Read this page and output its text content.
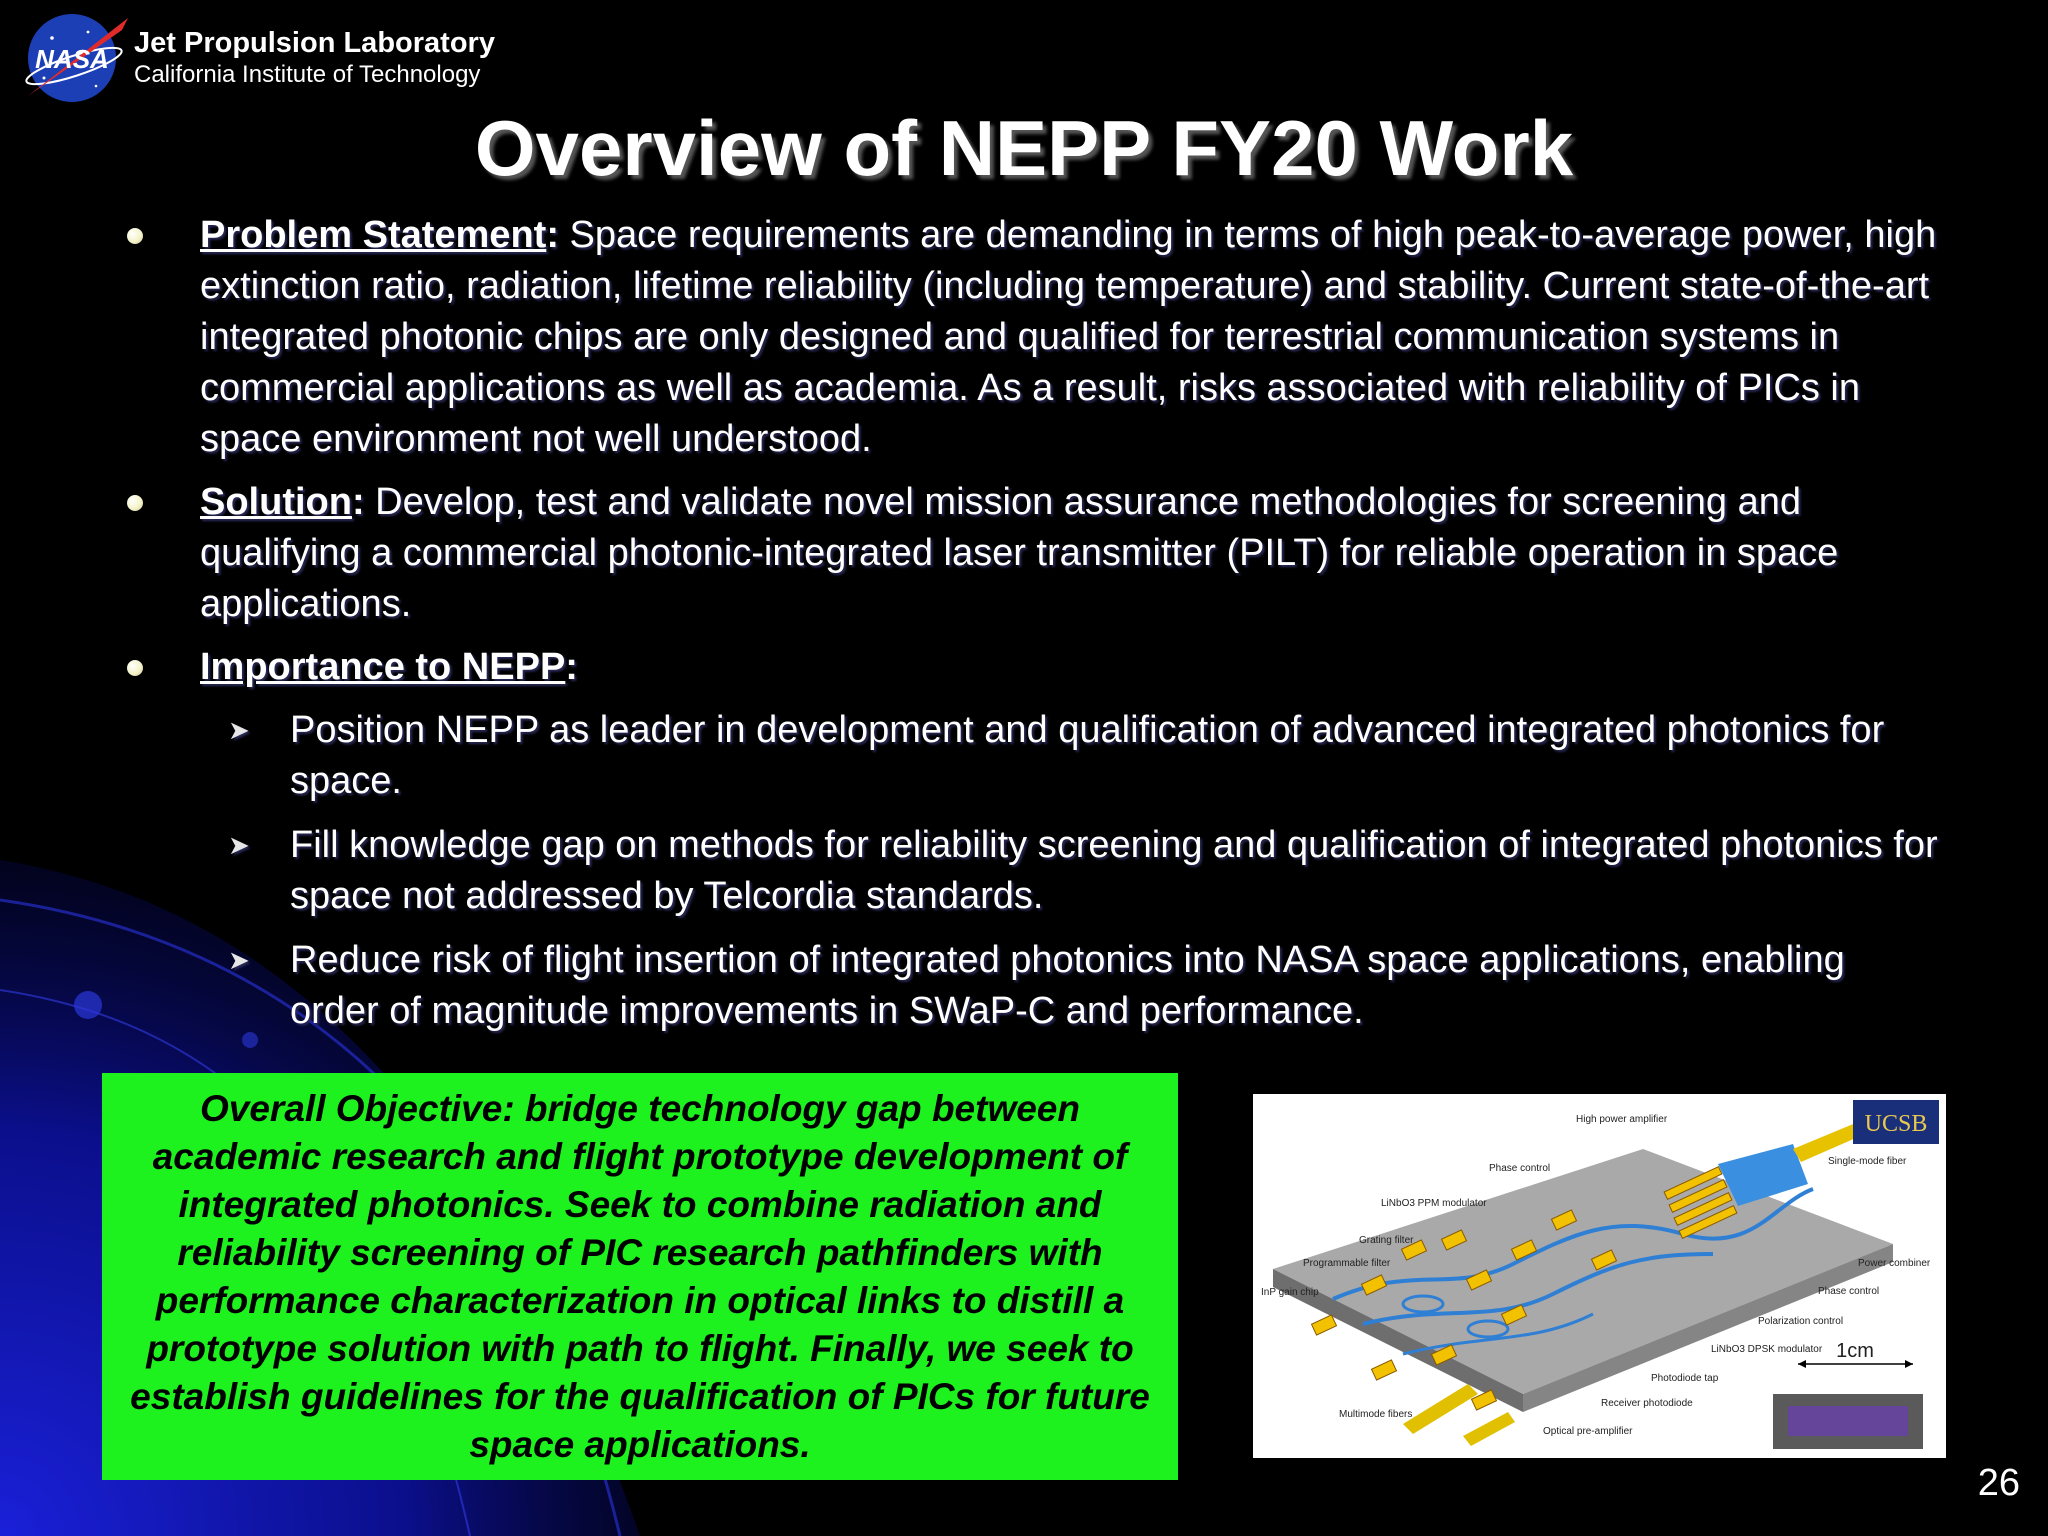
NASA Jet Propulsion Laboratory
California Institute of Technology
Overview of NEPP FY20 Work
Problem Statement: Space requirements are demanding in terms of high peak-to-average power, high extinction ratio, radiation, lifetime reliability (including temperature) and stability. Current state-of-the-art integrated photonic chips are only designed and qualified for terrestrial communication systems in commercial applications as well as academia. As a result, risks associated with reliability of PICs in space environment not well understood.
Solution: Develop, test and validate novel mission assurance methodologies for screening and qualifying a commercial photonic-integrated laser transmitter (PILT) for reliable operation in space applications.
Importance to NEPP:
➤ Position NEPP as leader in development and qualification of advanced integrated photonics for space.
➤ Fill knowledge gap on methods for reliability screening and qualification of integrated photonics for space not addressed by Telcordia standards.
➤ Reduce risk of flight insertion of integrated photonics into NASA space applications, enabling order of magnitude improvements in SWaP-C and performance.
Overall Objective: bridge technology gap between academic research and flight prototype development of integrated photonics. Seek to combine radiation and reliability screening of PIC research pathfinders with performance characterization in optical links to distill a prototype solution with path to flight. Finally, we seek to establish guidelines for the qualification of PICs for future space applications.
UCSB
High power amplifier
Phase control
Single-mode fiber
LiNbO3 PPM modulator
Grating filter
Programmable filter
InP gain chip
Power combiner
Phase control
Polarization control
LiNbO3 DPSK modulator
Photodiode tap
Receiver photodiode
Multimode fibers
Optical pre-amplifier
1cm
26
